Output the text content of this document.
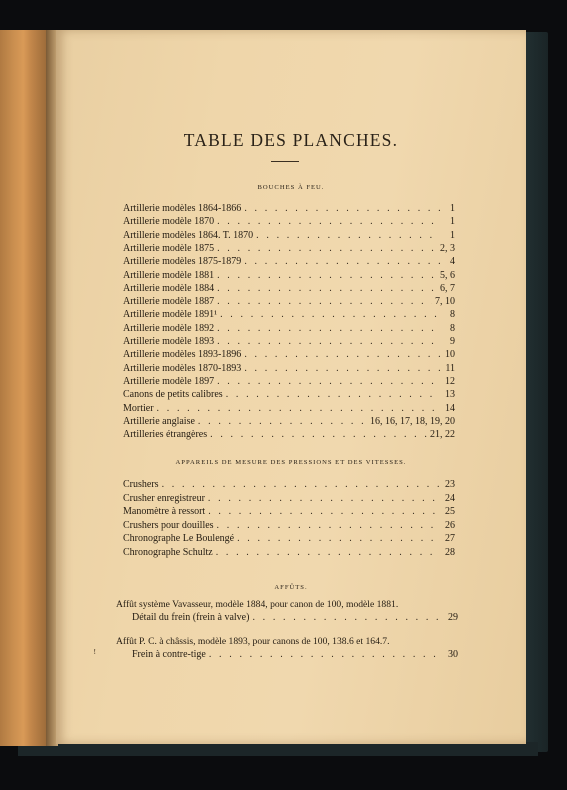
TABLE DES PLANCHES.
BOUCHES À FEU.
APPAREILS DE MESURE DES PRESSIONS ET DES VITESSES.
AFFÛTS.
ꜝ
Artillerie modèles 1864-1866 . . .	1
Artillerie modèle 1870 . . .	1
Artillerie modèles 1864. T. 1870 . . .	1
Artillerie modèle 1875 . . .	2, 3
Artillerie modèles 1875-1879 . . .	4
Artillerie modèle 1881 . . .	5, 6
Artillerie modèle 1884 . . .	6, 7
Artillerie modèle 1887 . . .	7, 10
Artillerie modèle 1891¹ . . .	8
Artillerie modèle 1892 . . .	8
Artillerie modèle 1893 . . .	9
Artillerie modèles 1893-1896 . . .	10
Artillerie modèles 1870-1893 . . .	11
Artillerie modèle 1897 . . .	12
Canons de petits calibres . . .	13
Mortier . . .	14
Artillerie anglaise . . .	16, 16, 17, 18, 19, 20
Artilleries étrangères . . .	21, 22
Crushers . . .	23
Crusher enregistreur . . .	24
Manomètre à ressort . . .	25
Crushers pour douilles . . .	26
Chronographe Le Boulengé . . .	27
Chronographe Schultz . . .	28
Affût système Vavasseur, modèle 1884, pour canon de 100, modèle 1881.
Détail du frein (frein à valve) . . .	29
Affût P. C. à châssis, modèle 1893, pour canons de 100, 138.6 et 164.7.
Frein à contre-tige . . .	30
